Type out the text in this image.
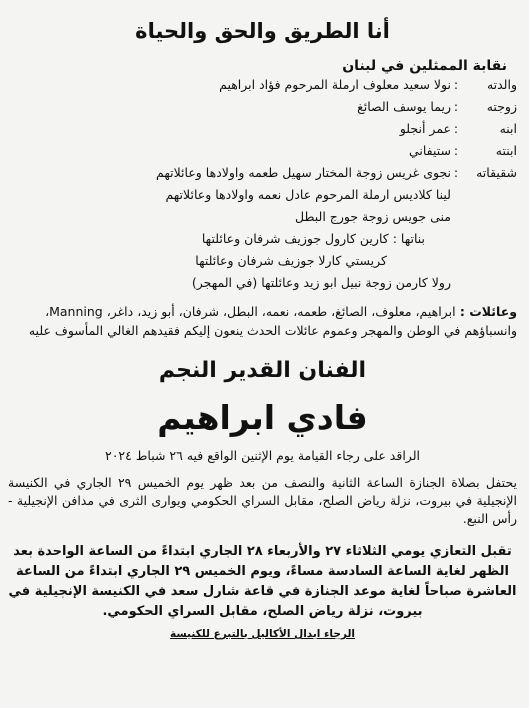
أنا الطريق والحق والحياة
نقابة الممثلين في لبنان
والدته
:
نولا سعيد معلوف ارملة المرحوم فؤاد ابراهيم
زوجته
:
ريما يوسف الصائغ
ابنه
:
عمر أنجلو
ابنته
:
ستيفاني
شقيقاته
:
نجوى غريس زوجة المختار سهيل طعمه واولادها وعائلاتهم
لينا كلاديس ارملة المرحوم عادل نعمه واولادها وعائلاتهم
منى جويس زوجة جورج البطل
بناتها : كارين كارول جوزيف شرفان وعائلتها
كريستي كارلا جوزيف شرفان وعائلتها
رولا كارمن زوجة نبيل ابو زيد وعائلتها (في المهجر)
وعائلات : ابراهيم، معلوف، الصائغ، طعمه، نعمه، البطل، شرفان، أبو زيد، داغر، Manning، وانسباؤهم في الوطن والمهجر وعموم عائلات الحدث ينعون إليكم فقيدهم الغالي المأسوف عليه
الفنان القدير النجم
فادي ابراهيم
الراقد على رجاء القيامة يوم الإثنين الواقع فيه ٢٦ شباط ٢٠٢٤
يحتفل بصلاة الجنازة الساعة الثانية والنصف من بعد ظهر يوم الخميس ٢٩ الجاري في الكنيسة الإنجيلية في بيروت، نزلة رياض الصلح، مقابل السراي الحكومي ويوارى الثرى في مدافن الإنجيلية - رأس النبع.
تقبل التعازي يومي الثلاثاء ٢٧ والأربعاء ٢٨ الجاري ابتداءً من الساعة الواحدة بعد الظهر لغاية الساعة السادسة مساءً، ويوم الخميس ٢٩ الجاري ابتداءً من الساعة العاشرة صباحاً لغاية موعد الجنازة في قاعة شارل سعد في الكنيسة الإنجيلية في بيروت، نزلة رياض الصلح، مقابل السراي الحكومي.
الرجاء ابدال الأكاليل بالتبرع للكنيسة
